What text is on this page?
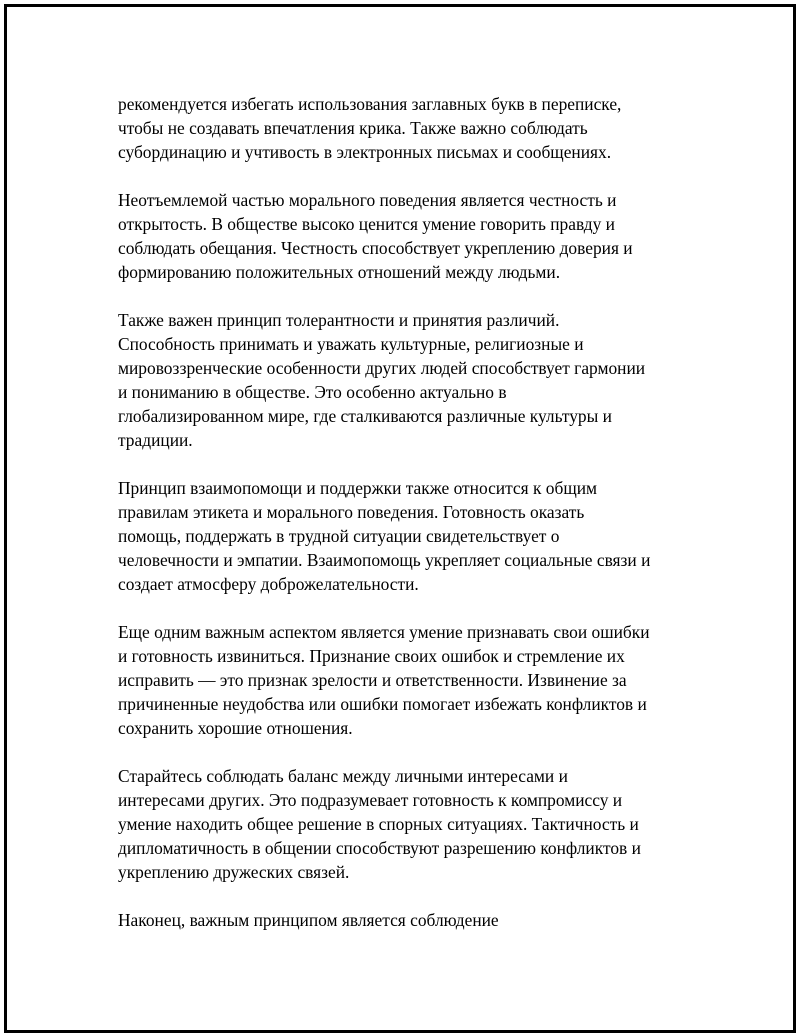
рекомендуется избегать использования заглавных букв в переписке,
чтобы не создавать впечатления крика. Также важно соблюдать
субординацию и учтивость в электронных письмах и сообщениях.

Неотъемлемой частью морального поведения является честность и
открытость. В обществе высоко ценится умение говорить правду и
соблюдать обещания. Честность способствует укреплению доверия и
формированию положительных отношений между людьми.

Также важен принцип толерантности и принятия различий.
Способность принимать и уважать культурные, религиозные и
мировоззренческие особенности других людей способствует гармонии
и пониманию в обществе. Это особенно актуально в
глобализированном мире, где сталкиваются различные культуры и
традиции.

Принцип взаимопомощи и поддержки также относится к общим
правилам этикета и морального поведения. Готовность оказать
помощь, поддержать в трудной ситуации свидетельствует о
человечности и эмпатии. Взаимопомощь укрепляет социальные связи и
создает атмосферу доброжелательности.

Еще одним важным аспектом является умение признавать свои ошибки
и готовность извиниться. Признание своих ошибок и стремление их
исправить — это признак зрелости и ответственности. Извинение за
причиненные неудобства или ошибки помогает избежать конфликтов и
сохранить хорошие отношения.

Старайтесь соблюдать баланс между личными интересами и
интересами других. Это подразумевает готовность к компромиссу и
умение находить общее решение в спорных ситуациях. Тактичность и
дипломатичность в общении способствуют разрешению конфликтов и
укреплению дружеских связей.

Наконец, важным принципом является соблюдение
